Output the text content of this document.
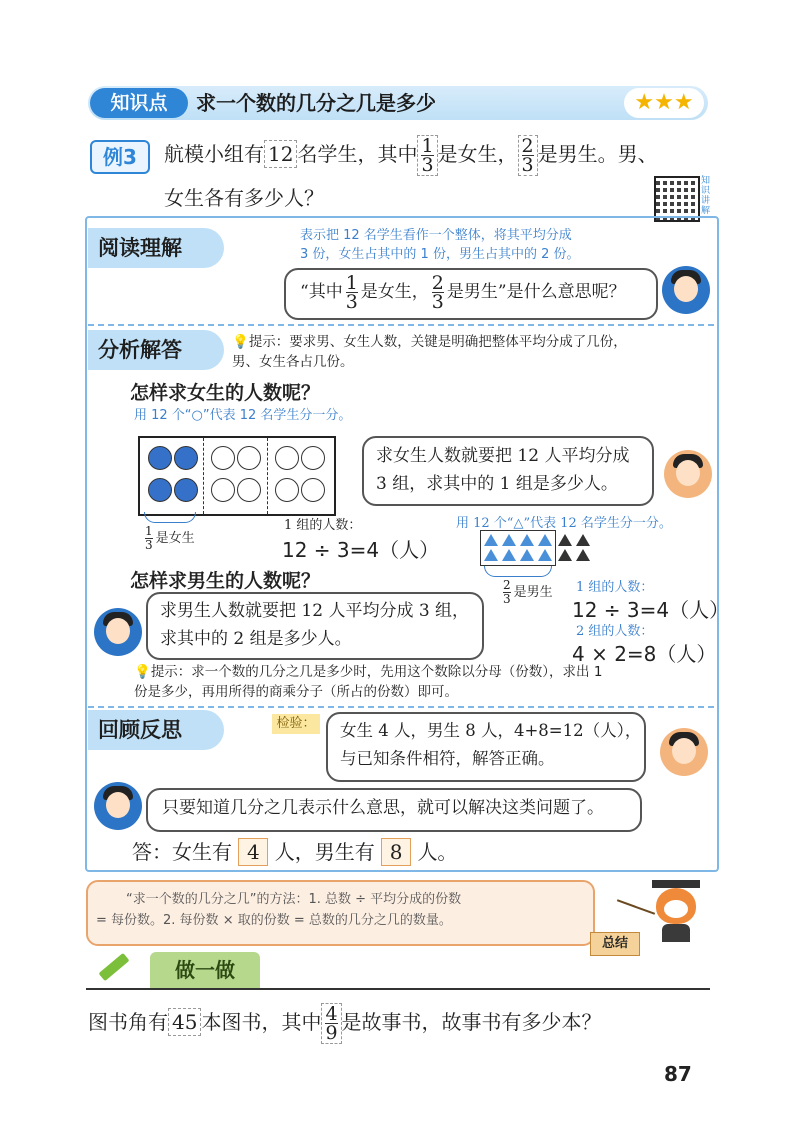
知识点	求一个数的几分之几是多少	★★★
例3	航模小组有 12 名学生，其中 $\frac{1}{3}$ 是女生， $\frac{2}{3}$ 是男生。男、
女生各有多少人？
知识讲解
阅读理解
表示把 12 名学生看作一个整体，将其平均分成
3 份，女生占其中的 1 份，男生占其中的 2 份。
“其中 $\frac{1}{3}$ 是女生， $\frac{2}{3}$ 是男生”是什么意思呢？
分析解答	💡提示：要求男、女生人数，关键是明确把整体平均分成了几份，
男、女生各占几份。
怎样求女生的人数呢？
用 12 个“○”代表 12 名学生分一分。
$\frac{1}{3}$ 是女生
求女生人数就要把 12 人平均分成
3 组，求其中的 1 组是多少人。
1 组的人数：
12 ÷ 3=4（人）
用 12 个“△”代表 12 名学生分一分。
$\frac{2}{3}$ 是男生 1 组的人数：
12 ÷ 3=4（人）
2 组的人数：
4 × 2=8（人）
怎样求男生的人数呢？
求男生人数就要把 12 人平均分成 3 组，
求其中的 2 组是多少人。
💡提示：求一个数的几分之几是多少时，先用这个数除以分母（份数），求出 1
份是多少，再用所得的商乘分子（所占的份数）即可。
回顾反思	检验： 女生 4 人，男生 8 人，4+8=12（人），
与已知条件相符，解答正确。
只要知道几分之几表示什么意思，就可以解决这类问题了。
答：女生有 4 人，男生有 8 人。
“求一个数的几分之几”的方法：1. 总数 ÷ 平均分成的份数
= 每份数。2. 每份数 × 取的份数 = 总数的几分之几的数量。
总结
做一做
图书角有 45 本图书，其中 $\frac{4}{9}$ 是故事书，故事书有多少本？
87
